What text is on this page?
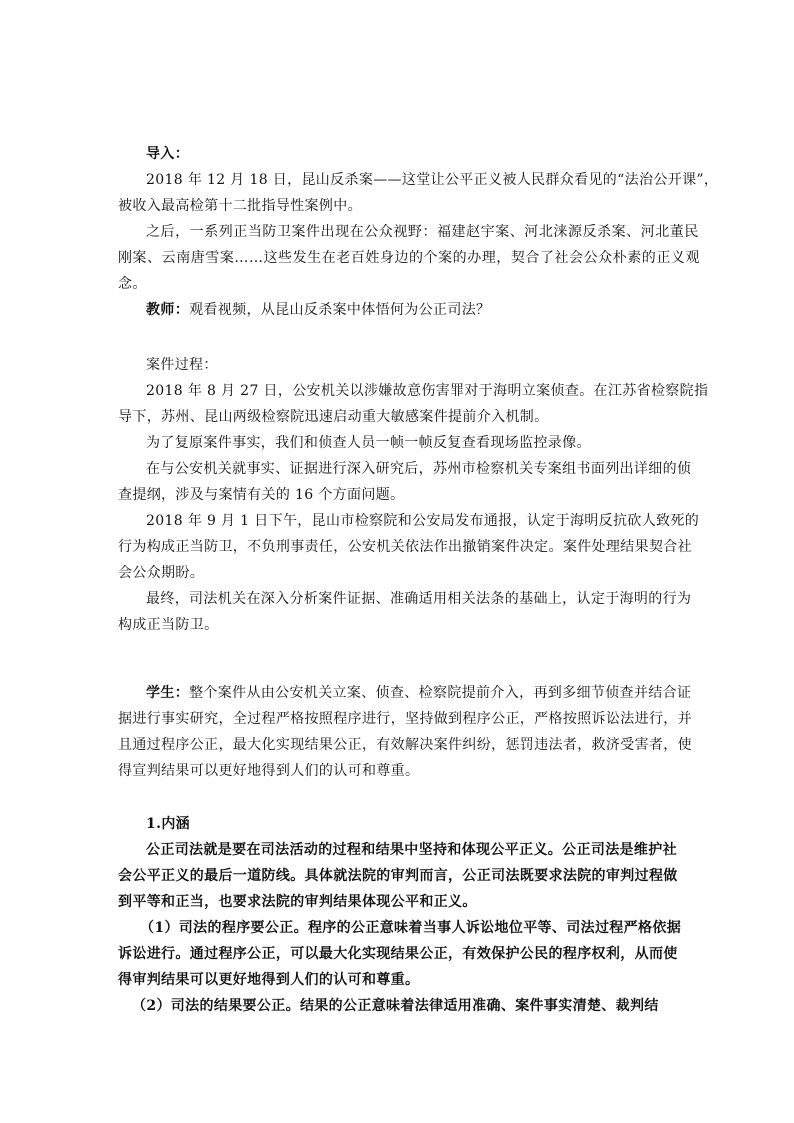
导入：
2018 年 12 月 18 日，昆山反杀案——这堂让公平正义被人民群众看见的“法治公开课”，
被收入最高检第十二批指导性案例中。
之后，一系列正当防卫案件出现在公众视野：福建赵宇案、河北涞源反杀案、河北董民
刚案、云南唐雪案……这些发生在老百姓身边的个案的办理，契合了社会公众朴素的正义观
念。
教师：观看视频，从昆山反杀案中体悟何为公正司法？
案件过程：
2018 年 8 月 27 日，公安机关以涉嫌故意伤害罪对于海明立案侦查。在江苏省检察院指
导下，苏州、昆山两级检察院迅速启动重大敏感案件提前介入机制。
为了复原案件事实，我们和侦查人员一帧一帧反复查看现场监控录像。
在与公安机关就事实、证据进行深入研究后，苏州市检察机关专案组书面列出详细的侦
查提纲，涉及与案情有关的 16 个方面问题。
2018 年 9 月 1 日下午，昆山市检察院和公安局发布通报，认定于海明反抗砍人致死的
行为构成正当防卫，不负刑事责任，公安机关依法作出撤销案件决定。案件处理结果契合社
会公众期盼。
最终，司法机关在深入分析案件证据、准确适用相关法条的基础上，认定于海明的行为
构成正当防卫。
学生：整个案件从由公安机关立案、侦查、检察院提前介入，再到多细节侦查并结合证
据进行事实研究，全过程严格按照程序进行，坚持做到程序公正，严格按照诉讼法进行，并
且通过程序公正，最大化实现结果公正，有效解决案件纠纷，惩罚违法者，救济受害者，使
得宣判结果可以更好地得到人们的认可和尊重。
1.内涵
公正司法就是要在司法活动的过程和结果中坚持和体现公平正义。公正司法是维护社
会公平正义的最后一道防线。具体就法院的审判而言，公正司法既要求法院的审判过程做
到平等和正当，也要求法院的审判结果体现公平和正义。
（1）司法的程序要公正。程序的公正意味着当事人诉讼地位平等、司法过程严格依据
诉讼进行。通过程序公正，可以最大化实现结果公正，有效保护公民的程序权利，从而使
得审判结果可以更好地得到人们的认可和尊重。
（2）司法的结果要公正。结果的公正意味着法律适用准确、案件事实清楚、裁判结
